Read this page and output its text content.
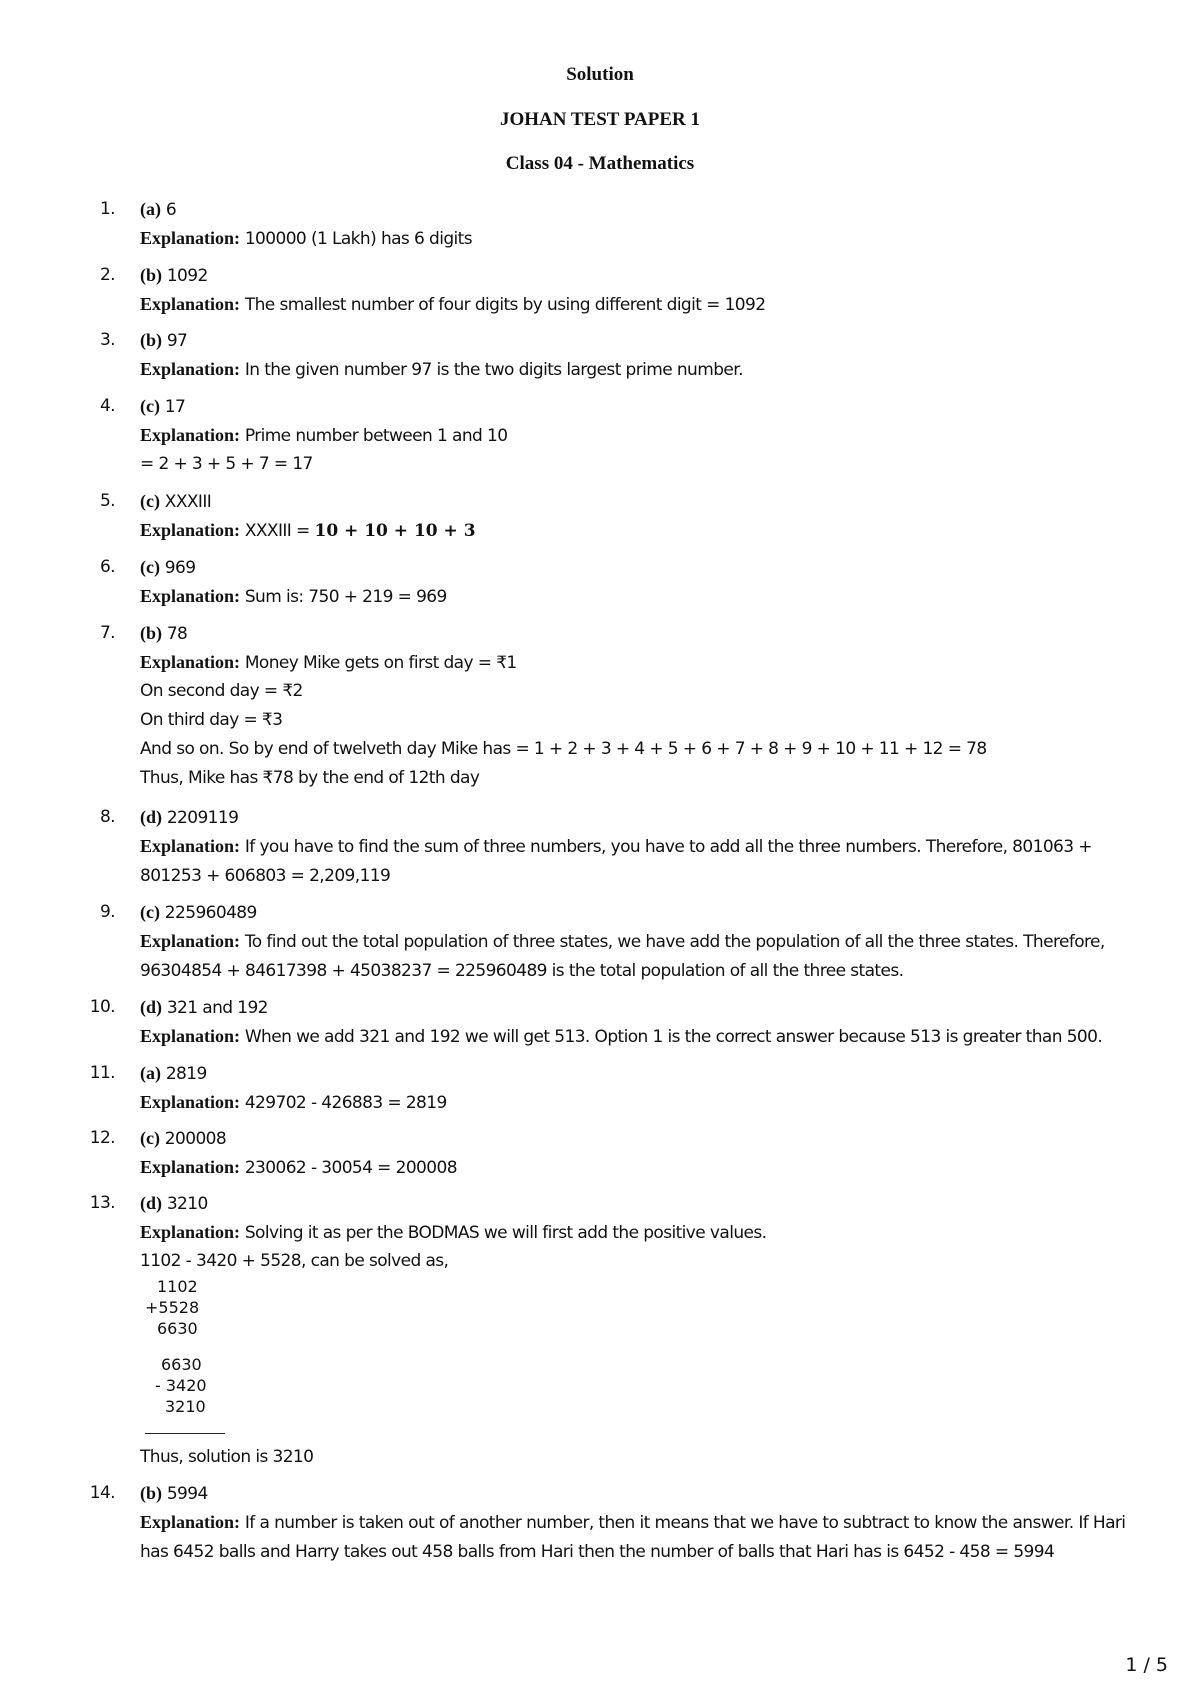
Solution
JOHAN TEST PAPER 1
Class 04 - Mathematics
1. (a) 6
Explanation: 100000 (1 Lakh) has 6 digits
2. (b) 1092
Explanation: The smallest number of four digits by using different digit = 1092
3. (b) 97
Explanation: In the given number 97 is the two digits largest prime number.
4. (c) 17
Explanation: Prime number between 1 and 10
= 2 + 3 + 5 + 7 = 17
5. (c) XXXIII
Explanation: XXXIII = 10 + 10 + 10 + 3
6. (c) 969
Explanation: Sum is: 750 + 219 = 969
7. (b) 78
Explanation: Money Mike gets on first day = ₹1
On second day = ₹2
On third day = ₹3
And so on. So by end of twelveth day Mike has = 1 + 2 + 3 + 4 + 5 + 6 + 7 + 8 + 9 + 10 + 11 + 12 = 78
Thus, Mike has ₹78 by the end of 12th day
8. (d) 2209119
Explanation: If you have to find the sum of three numbers, you have to add all the three numbers. Therefore, 801063 + 801253 + 606803 = 2,209,119
9. (c) 225960489
Explanation: To find out the total population of three states, we have add the population of all the three states. Therefore, 96304854 + 84617398 + 45038237 = 225960489 is the total population of all the three states.
10. (d) 321 and 192
Explanation: When we add 321 and 192 we will get 513. Option 1 is the correct answer because 513 is greater than 500.
11. (a) 2819
Explanation: 429702 - 426883 = 2819
12. (c) 200008
Explanation: 230062 - 30054 = 200008
13. (d) 3210
Explanation: Solving it as per the BODMAS we will first add the positive values.
1102 - 3420 + 5528, can be solved as,
1102
+5528
6630
6630
- 3420
3210
Thus, solution is 3210
14. (b) 5994
Explanation: If a number is taken out of another number, then it means that we have to subtract to know the answer. If Hari has 6452 balls and Harry takes out 458 balls from Hari then the number of balls that Hari has is 6452 - 458 = 5994
1 / 5
